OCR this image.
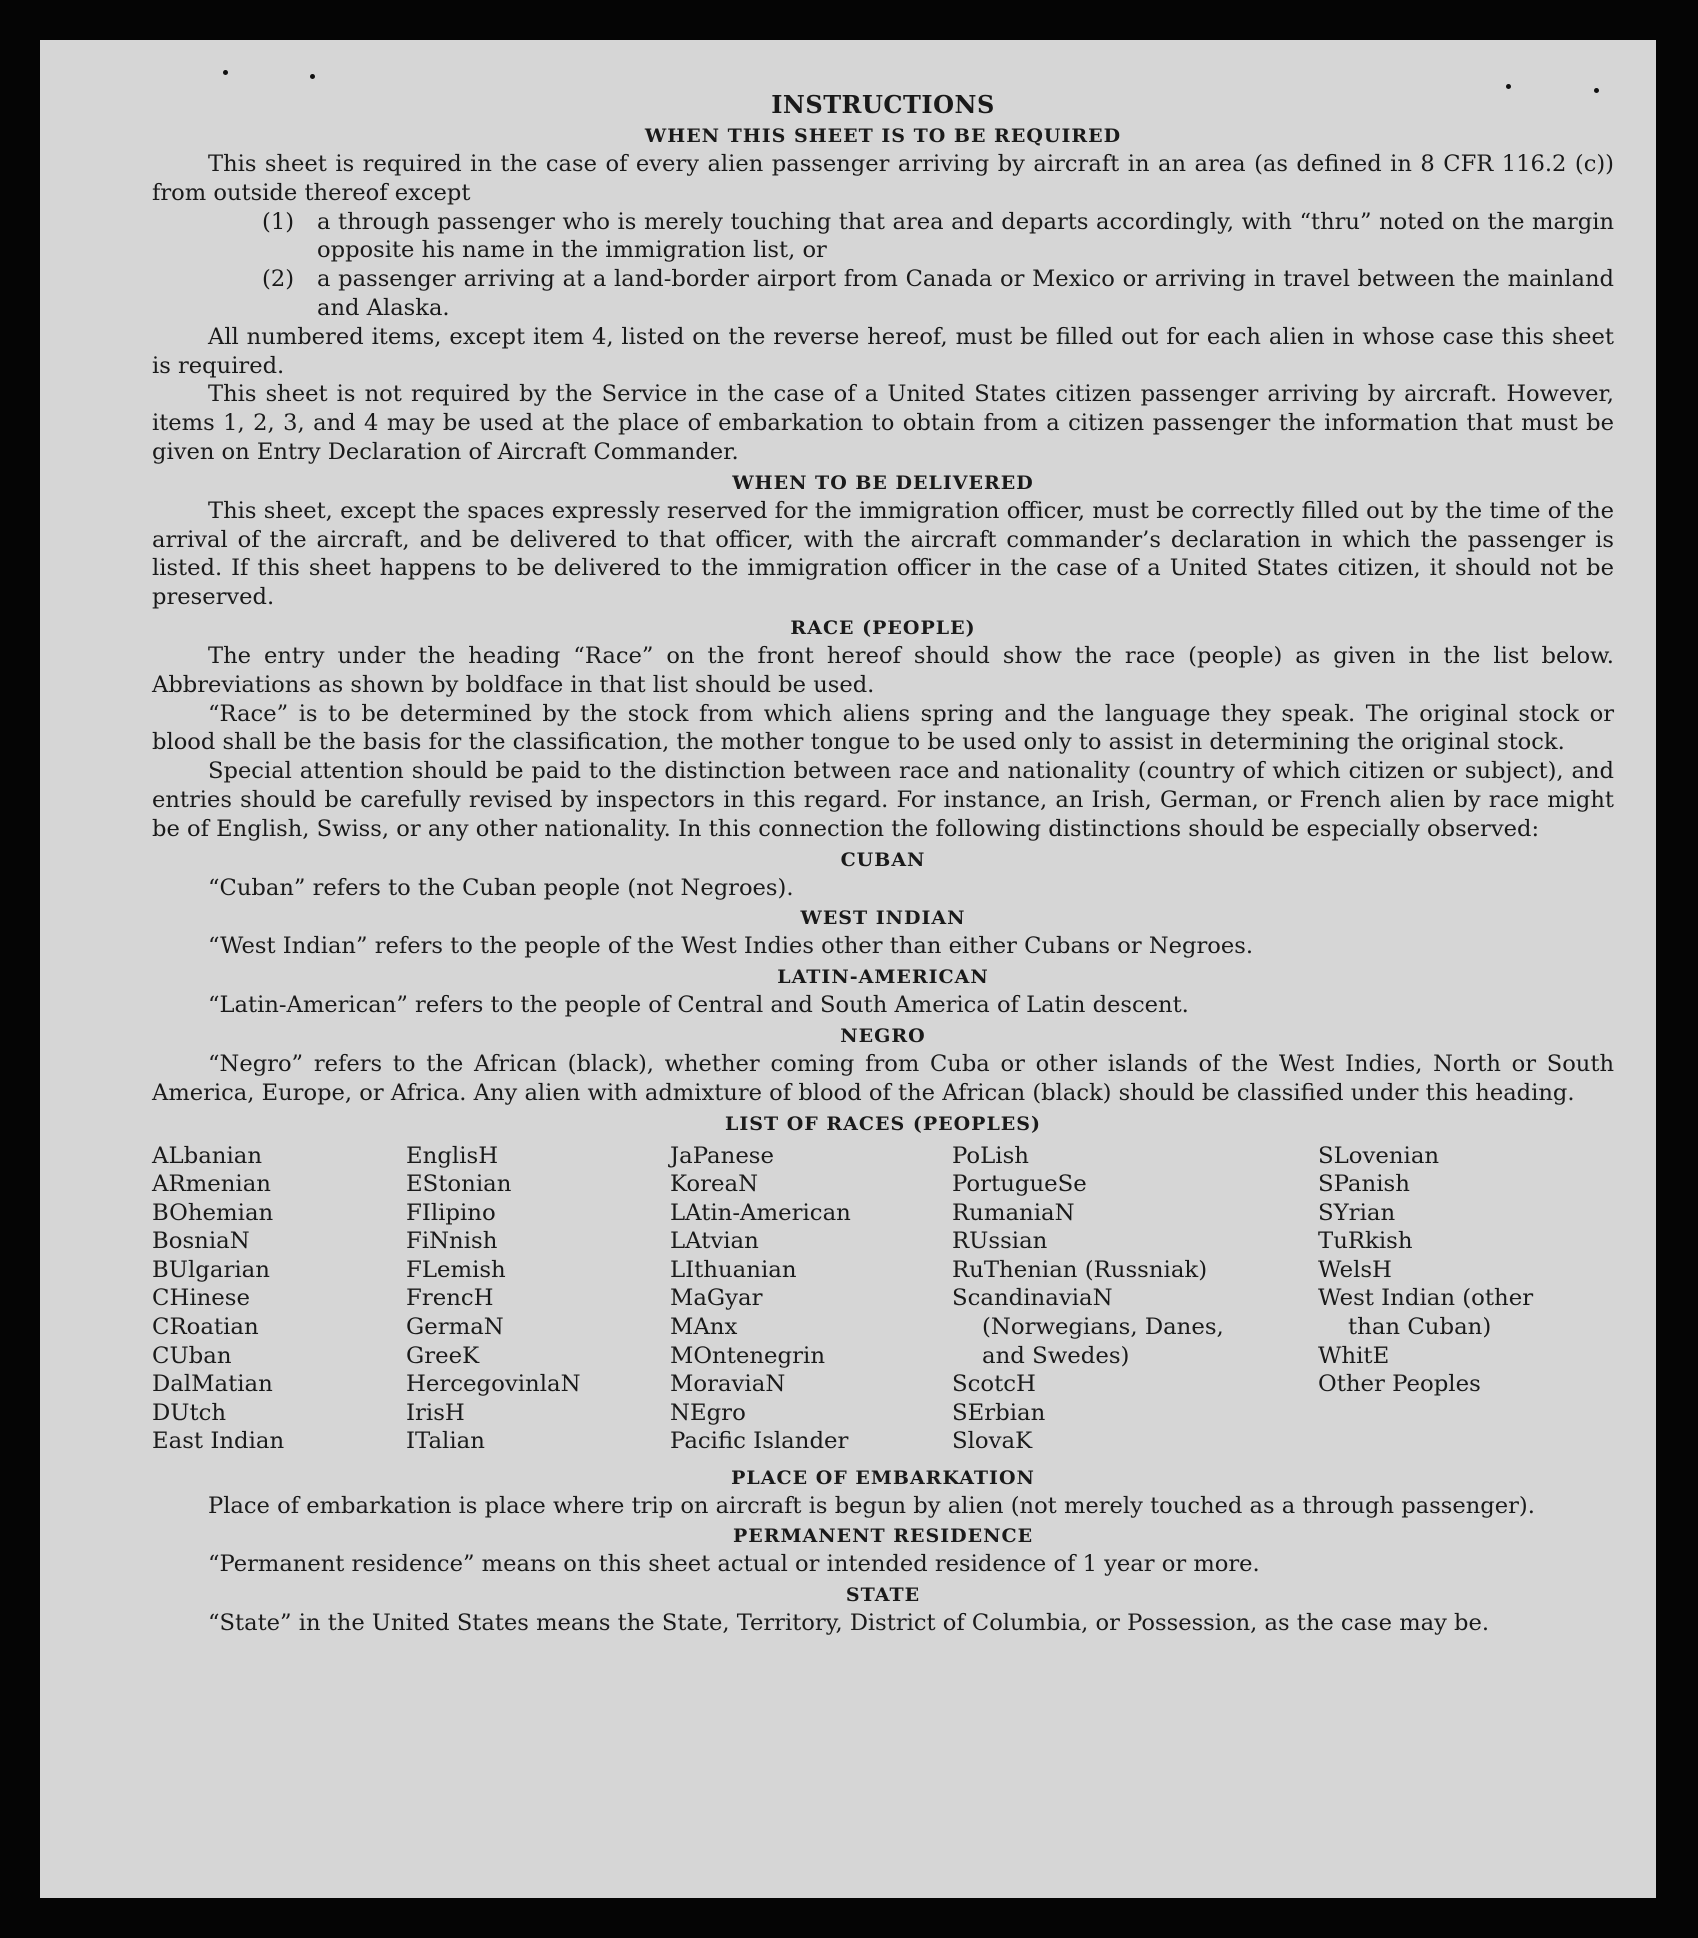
INSTRUCTIONS
WHEN THIS SHEET IS TO BE REQUIRED

This sheet is required in the case of every alien passenger arriving by aircraft in an area (as defined in 8 CFR 116.2 (c)) from outside thereof except

(1) a through passenger who is merely touching that area and departs accordingly, with “thru” noted on the margin opposite his name in the immigration list, or
(2) a passenger arriving at a land-border airport from Canada or Mexico or arriving in travel between the mainland and Alaska.

All numbered items, except item 4, listed on the reverse hereof, must be filled out for each alien in whose case this sheet is required.

This sheet is not required by the Service in the case of a United States citizen passenger arriving by aircraft. However, items 1, 2, 3, and 4 may be used at the place of embarkation to obtain from a citizen passenger the information that must be given on Entry Declaration of Aircraft Commander.

WHEN TO BE DELIVERED

This sheet, except the spaces expressly reserved for the immigration officer, must be correctly filled out by the time of the arrival of the aircraft, and be delivered to that officer, with the aircraft commander’s declaration in which the passenger is listed. If this sheet happens to be delivered to the immigration officer in the case of a United States citizen, it should not be preserved.

RACE (PEOPLE)

The entry under the heading “Race” on the front hereof should show the race (people) as given in the list below. Abbreviations as shown by boldface in that list should be used.

“Race” is to be determined by the stock from which aliens spring and the language they speak. The original stock or blood shall be the basis for the classification, the mother tongue to be used only to assist in determining the original stock.

Special attention should be paid to the distinction between race and nationality (country of which citizen or subject), and entries should be carefully revised by inspectors in this regard. For instance, an Irish, German, or French alien by race might be of English, Swiss, or any other nationality. In this connection the following distinctions should be especially observed:

CUBAN

“Cuban” refers to the Cuban people (not Negroes).

WEST INDIAN

“West Indian” refers to the people of the West Indies other than either Cubans or Negroes.

LATIN-AMERICAN

“Latin-American” refers to the people of Central and South America of Latin descent.

NEGRO

“Negro” refers to the African (black), whether coming from Cuba or other islands of the West Indies, North or South America, Europe, or Africa. Any alien with admixture of blood of the African (black) should be classified under this heading.

LIST OF RACES (PEOPLES)
ALbanian
ARmenian
BOhemian
BosniaN
BUlgarian
CHinese
CRoatian
CUban
DalMatian
DUtch
East Indian
EnglisH
EStonian
FIlipino
FiNnish
FLemish
FrencH
GermaN
GreeK
HercegovinlaN
IrisH
ITalian
JaPanese
KoreaN
LAtin-American
LAtvian
LIthuanian
MaGyar
MAnx
MOntenegrin
MoraviaN
NEgro
Pacific Islander
PoLish
PortugueSe
RumaniaN
RUssian
RuThenian (Russniak)
ScandinaviaN (Norwegians, Danes, and Swedes)
ScotcH
SErbian
SlovaK
SLovenian
SPanish
SYrian
TuRkish
WelsH
West Indian (other than Cuban)
WhitE
Other Peoples
PLACE OF EMBARKATION

Place of embarkation is place where trip on aircraft is begun by alien (not merely touched as a through passenger).

PERMANENT RESIDENCE

“Permanent residence” means on this sheet actual or intended residence of 1 year or more.

STATE

“State” in the United States means the State, Territory, District of Columbia, or Possession, as the case may be.
